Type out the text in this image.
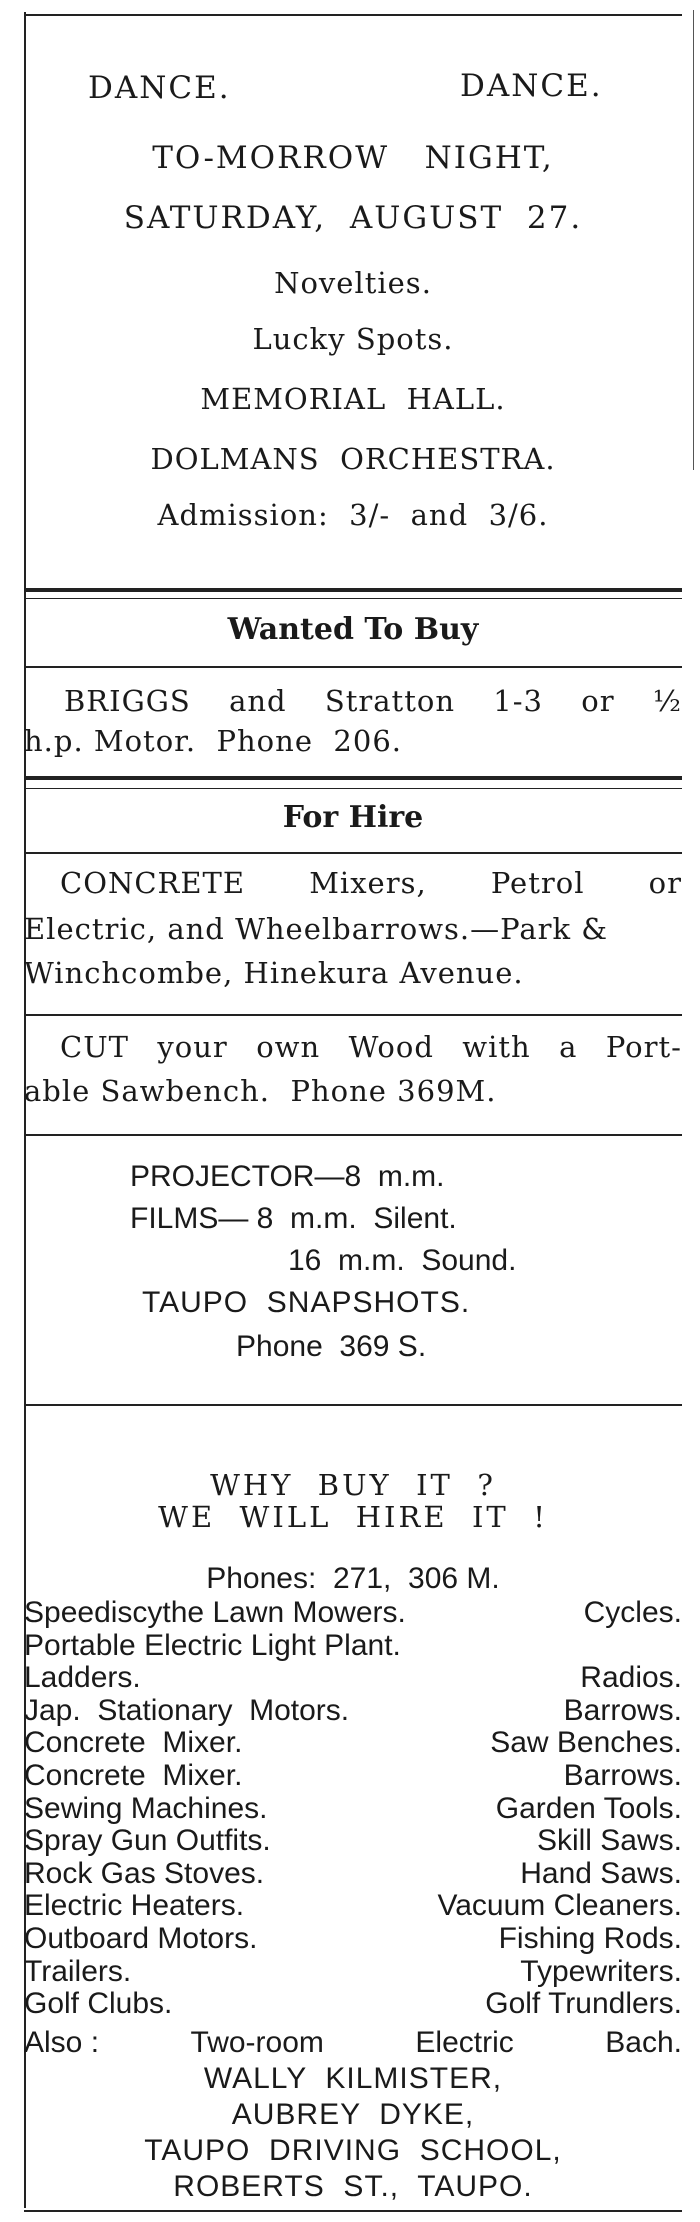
DANCE.	DANCE.
TO-MORROW   NIGHT,
SATURDAY,  AUGUST  27.
Novelties.
Lucky Spots.
MEMORIAL  HALL.
DOLMANS  ORCHESTRA.
Admission:  3/-  and  3/6.
Wanted To Buy
BRIGGS and Stratton 1-3 or ½
h.p. Motor.  Phone  206.
For Hire
CONCRETE Mixers, Petrol or
Electric, and Wheelbarrows.—Park &
Winchcombe, Hinekura Avenue.
CUT your own Wood with a Port-
able Sawbench.  Phone 369M.
PROJECTOR—8  m.m.
FILMS— 8  m.m.  Silent.
16  m.m.  Sound.
TAUPO  SNAPSHOTS.
Phone  369 S.
WHY  BUY  IT  ?
WE  WILL  HIRE  IT  !
Phones:  271,  306 M.
Speediscythe Lawn Mowers.	Cycles.
Portable Electric Light Plant.
Ladders.	Radios.
Jap.  Stationary  Motors.	Barrows.
Concrete  Mixer.	Saw Benches.
Concrete  Mixer.	Barrows.
Sewing Machines.	Garden Tools.
Spray Gun Outfits.	Skill Saws.
Rock Gas Stoves.	Hand Saws.
Electric Heaters.	Vacuum Cleaners.
Outboard Motors.	Fishing Rods.
Trailers.	Typewriters.
Golf Clubs.	Golf Trundlers.
Also :	Two-room	Electric	Bach.
WALLY  KILMISTER,
AUBREY  DYKE,
TAUPO  DRIVING  SCHOOL,
ROBERTS  ST.,  TAUPO.
